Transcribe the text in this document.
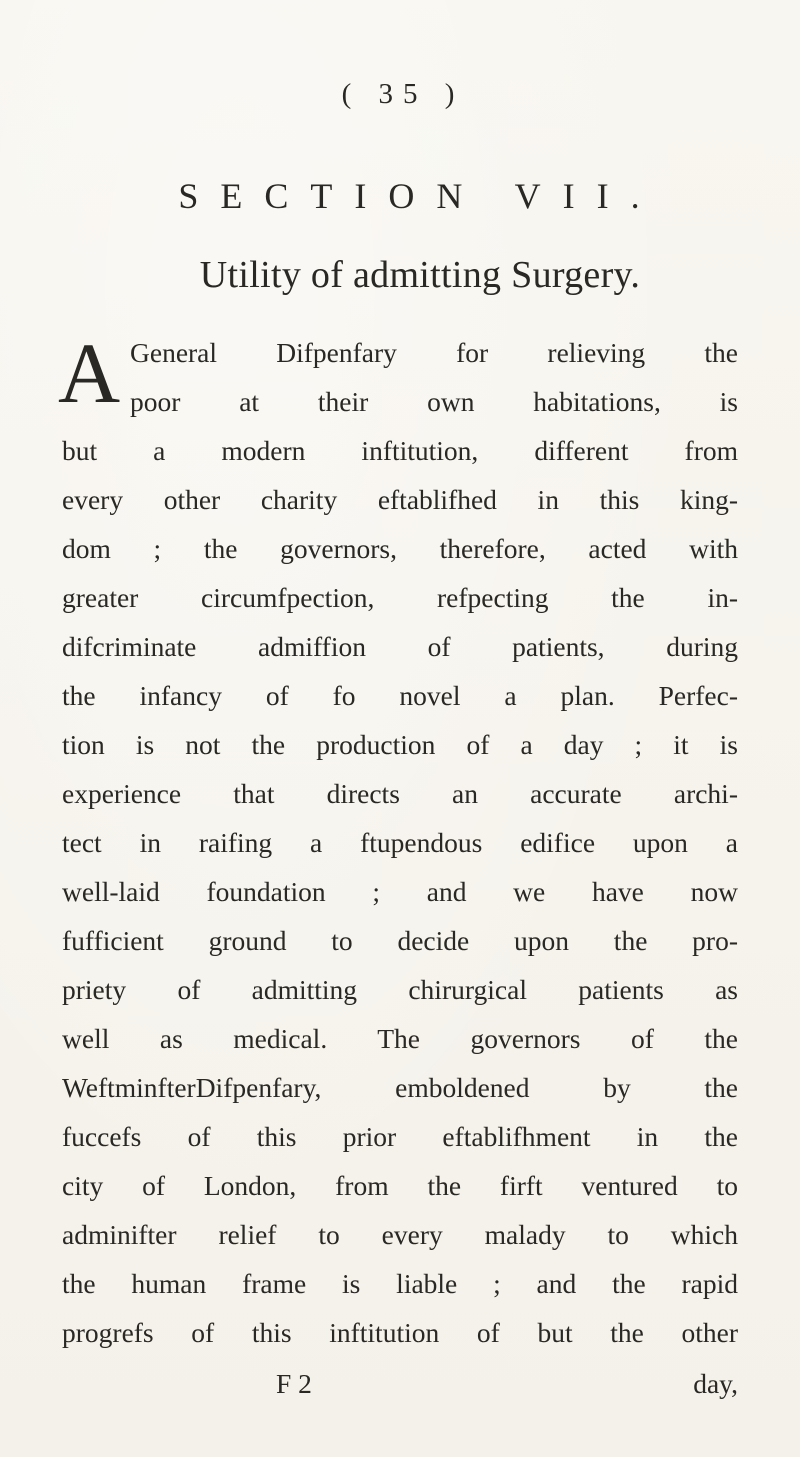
( 35 )
SECTION VII.
Utility of admitting Surgery.
A General Difpenfary for relieving the
poor at their own habitations, is
but a modern inftitution, different from
every other charity eftablifhed in this king-
dom ; the governors, therefore, acted with
greater circumfpection, refpecting the in-
difcriminate admiffion of patients, during
the infancy of fo novel a plan. Perfec-
tion is not the production of a day ; it is
experience that directs an accurate archi-
tect in raifing a ftupendous edifice upon a
well-laid foundation ; and we have now
fufficient ground to decide upon the pro-
priety of admitting chirurgical patients as
well as medical. The governors of the
WeftminfterDifpenfary, emboldened by the
fuccefs of this prior eftablifhment in the
city of London, from the firft ventured to
adminifter relief to every malady to which
the human frame is liable ; and the rapid
progrefs of this inftitution of but the other
F 2	day,
